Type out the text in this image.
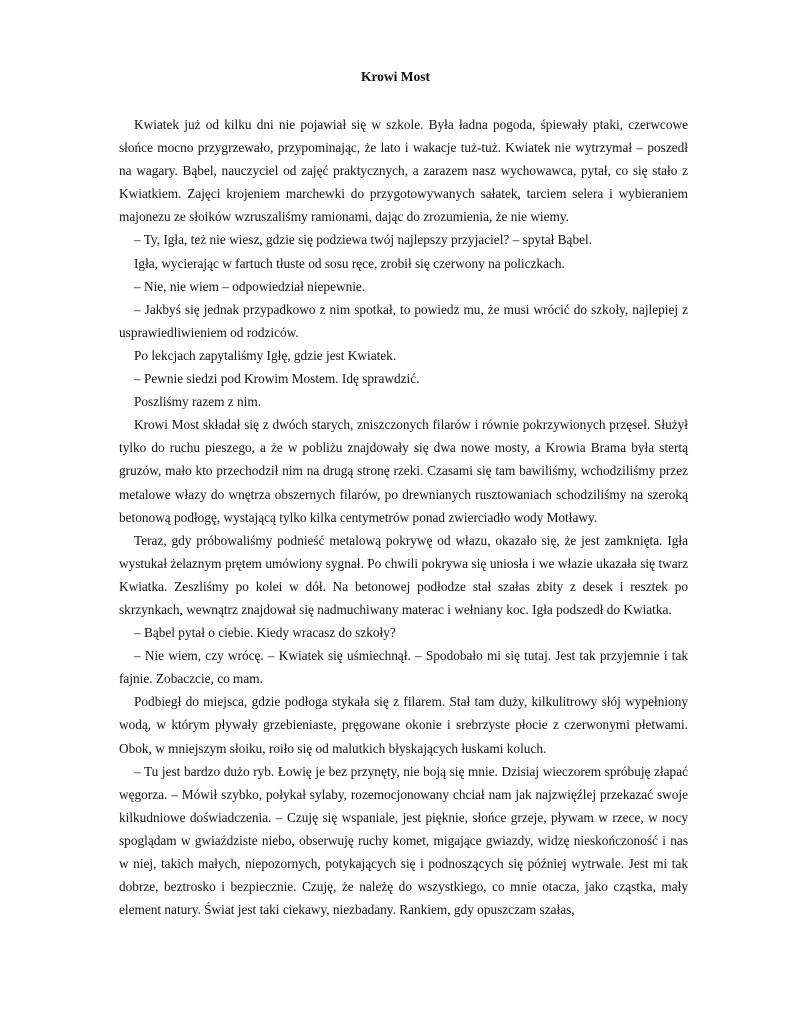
Krowi Most

Kwiatek już od kilku dni nie pojawiał się w szkole. Była ładna pogoda, śpiewały ptaki, czerwcowe słońce mocno przygrzewało, przypominając, że lato i wakacje tuż-tuż. Kwiatek nie wytrzymał – poszedł na wagary. Bąbel, nauczyciel od zajęć praktycznych, a zarazem nasz wychowawca, pytał, co się stało z Kwiatkiem. Zajęci krojeniem marchewki do przygotowywanych sałatek, tarciem selera i wybieraniem majonezu ze słoików wzruszaliśmy ramionami, dając do zrozumienia, że nie wiemy.

– Ty, Igła, też nie wiesz, gdzie się podziewa twój najlepszy przyjaciel? – spytał Bąbel.

Igła, wycierając w fartuch tłuste od sosu ręce, zrobił się czerwony na policzkach.

– Nie, nie wiem – odpowiedział niepewnie.

– Jakbyś się jednak przypadkowo z nim spotkał, to powiedz mu, że musi wrócić do szkoły, najlepiej z usprawiedliwieniem od rodziców.

Po lekcjach zapytaliśmy Igłę, gdzie jest Kwiatek.

– Pewnie siedzi pod Krowim Mostem. Idę sprawdzić.

Poszliśmy razem z nim.

Krowi Most składał się z dwóch starych, zniszczonych filarów i równie pokrzywionych przęseł. Służył tylko do ruchu pieszego, a że w pobliżu znajdowały się dwa nowe mosty, a Krowia Brama była stertą gruzów, mało kto przechodził nim na drugą stronę rzeki. Czasami się tam bawiliśmy, wchodziliśmy przez metalowe włazy do wnętrza obszernych filarów, po drewnianych rusztowaniach schodziliśmy na szeroką betonową podłogę, wystającą tylko kilka centymetrów ponad zwierciadło wody Motławy.

Teraz, gdy próbowaliśmy podnieść metalową pokrywę od włazu, okazało się, że jest zamknięta. Igła wystukał żelaznym prętem umówiony sygnał. Po chwili pokrywa się uniosła i we włazie ukazała się twarz Kwiatka. Zeszliśmy po kolei w dół. Na betonowej podłodze stał szałas zbity z desek i resztek po skrzynkach, wewnątrz znajdował się nadmuchiwany materac i wełniany koc. Igła podszedł do Kwiatka.

– Bąbel pytał o ciebie. Kiedy wracasz do szkoły?

– Nie wiem, czy wrócę. – Kwiatek się uśmiechnął. – Spodobało mi się tutaj. Jest tak przyjemnie i tak fajnie. Zobaczcie, co mam.

Podbiegł do miejsca, gdzie podłoga stykała się z filarem. Stał tam duży, kilkulitrowy słój wypełniony wodą, w którym pływały grzebieniaste, pręgowane okonie i srebrzyste płocie z czerwonymi płetwami. Obok, w mniejszym słoiku, roiło się od malutkich błyskających łuskami koluch.

– Tu jest bardzo dużo ryb. Łowię je bez przynęty, nie boją się mnie. Dzisiaj wieczorem spróbuję złapać węgorza. – Mówił szybko, połykał sylaby, rozemocjonowany chciał nam jak najzwięźlej przekazać swoje kilkudniowe doświadczenia. – Czuję się wspaniale, jest pięknie, słońce grzeje, pływam w rzece, w nocy spoglądam w gwiaździste niebo, obserwuję ruchy komet, migające gwiazdy, widzę nieskończoność i nas w niej, takich małych, niepozornych, potykających się i podnoszących się później wytrwale. Jest mi tak dobrze, beztrosko i bezpiecznie. Czuję, że należę do wszystkiego, co mnie otacza, jako cząstka, mały element natury. Świat jest taki ciekawy, niezbadany. Rankiem, gdy opuszczam szałas,
